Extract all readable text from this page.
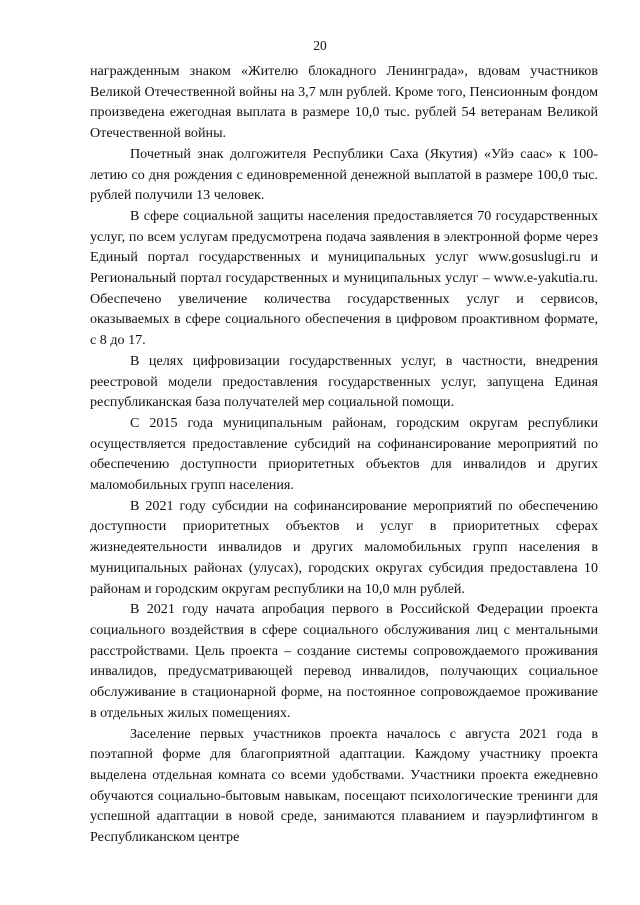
20

награжденным знаком «Жителю блокадного Ленинграда», вдовам участников Великой Отечественной войны на 3,7 млн рублей. Кроме того, Пенсионным фондом произведена ежегодная выплата в размере 10,0 тыс. рублей 54 ветеранам Великой Отечественной войны.

Почетный знак долгожителя Республики Саха (Якутия) «Уйэ саас» к 100-летию со дня рождения с единовременной денежной выплатой в размере 100,0 тыс. рублей получили 13 человек.

В сфере социальной защиты населения предоставляется 70 государственных услуг, по всем услугам предусмотрена подача заявления в электронной форме через Единый портал государственных и муниципальных услуг www.gosuslugi.ru и Региональный портал государственных и муниципальных услуг – www.e-yakutia.ru. Обеспечено увеличение количества государственных услуг и сервисов, оказываемых в сфере социального обеспечения в цифровом проактивном формате, с 8 до 17.

В целях цифровизации государственных услуг, в частности, внедрения реестровой модели предоставления государственных услуг, запущена Единая республиканская база получателей мер социальной помощи.

С 2015 года муниципальным районам, городским округам республики осуществляется предоставление субсидий на софинансирование мероприятий по обеспечению доступности приоритетных объектов для инвалидов и других маломобильных групп населения.

В 2021 году субсидии на софинансирование мероприятий по обеспечению доступности приоритетных объектов и услуг в приоритетных сферах жизнедеятельности инвалидов и других маломобильных групп населения в муниципальных районах (улусах), городских округах субсидия предоставлена 10 районам и городским округам республики на 10,0 млн рублей.

В 2021 году начата апробация первого в Российской Федерации проекта социального воздействия в сфере социального обслуживания лиц с ментальными расстройствами. Цель проекта – создание системы сопровождаемого проживания инвалидов, предусматривающей перевод инвалидов, получающих социальное обслуживание в стационарной форме, на постоянное сопровождаемое проживание в отдельных жилых помещениях.

Заселение первых участников проекта началось с августа 2021 года в поэтапной форме для благоприятной адаптации. Каждому участнику проекта выделена отдельная комната со всеми удобствами. Участники проекта ежедневно обучаются социально-бытовым навыкам, посещают психологические тренинги для успешной адаптации в новой среде, занимаются плаванием и пауэрлифтингом в Республиканском центре
